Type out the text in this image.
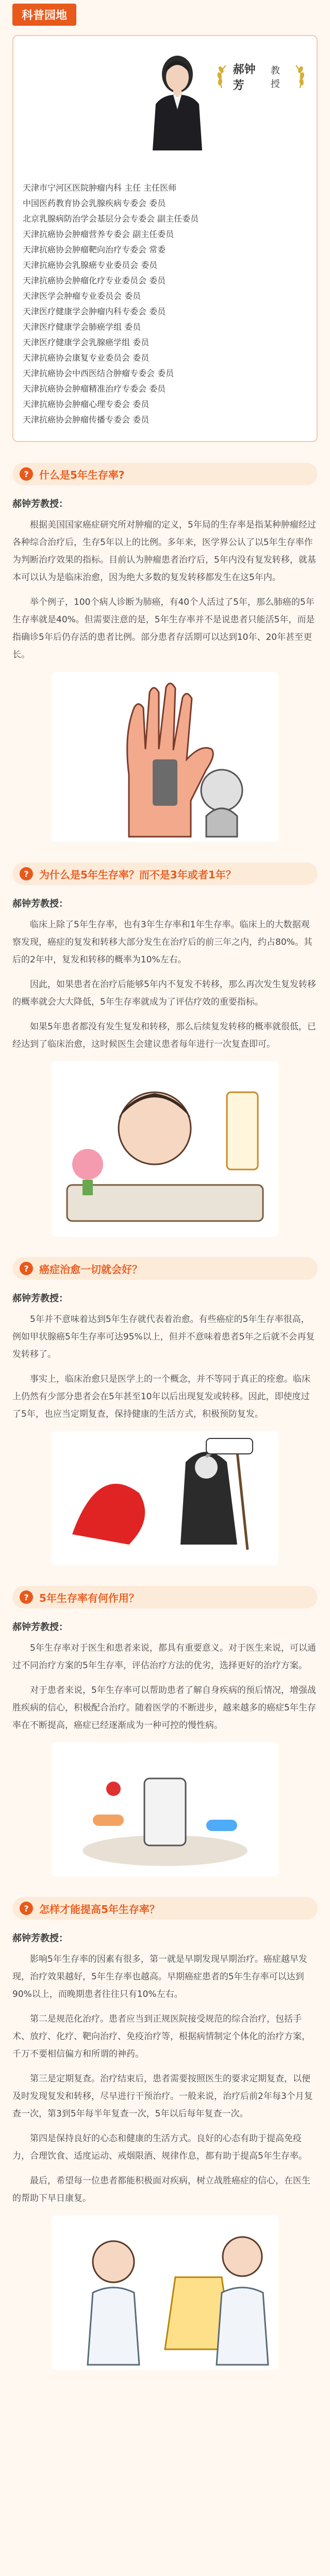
科普园地
郝钟芳
教授

天津市宁河区医院肿瘤内科 主任 主任医师

中国医药教育协会乳腺疾病专委会 委员

北京乳腺病防治学会基层分会专委会 副主任委员

天津抗癌协会肿瘤营养专委会 副主任委员

天津抗癌协会肿瘤靶向治疗专委会 常委

天津抗癌协会乳腺癌专业委员会 委员

天津抗癌协会肿瘤化疗专业委员会 委员

天津医学会肿瘤专业委员会 委员

天津医疗健康学会肿瘤内科专委会 委员

天津医疗健康学会肺癌学组 委员

天津医疗健康学会乳腺癌学组 委员

天津抗癌协会康复专业委员会 委员

天津抗癌协会中西医结合肿瘤专委会 委员

天津抗癌协会肿瘤精准治疗专委会 委员

天津抗癌协会肿瘤心理专委会 委员

天津抗癌协会肿瘤传播专委会 委员

?	什么是5年生存率?

郝钟芳教授：

根据美国国家癌症研究所对肿瘤的定义，5年局的生存率是指某种肿瘤经过各种综合治疗后，生存5年以上的比例。多年来，医学界公认了以5年生存率作为判断治疗效果的指标。目前认为肿瘤患者治疗后，5年内没有复发转移，就基本可以认为是临床治愈，因为绝大多数的复发转移都发生在这5年内。

举个例子，100个病人诊断为肺癌，有40个人活过了5年，那么肺癌的5年生存率就是40%。但需要注意的是，5年生存率并不是说患者只能活5年，而是指确诊5年后仍存活的患者比例。部分患者存活期可以达到10年、20年甚至更长。

?	为什么是5年生存率？而不是3年或者1年？

郝钟芳教授：

临床上除了5年生存率，也有3年生存率和1年生存率。临床上的大数据观察发现，癌症的复发和转移大部分发生在治疗后的前三年之内，约占80%。其后的2年中，复发和转移的概率为10%左右。

因此，如果患者在治疗后能够5年内不复发不转移，那么再次发生复发转移的概率就会大大降低，5年生存率就成为了评估疗效的重要指标。

如果5年患者都没有发生复发和转移，那么后续复发转移的概率就很低，已经达到了临床治愈，这时候医生会建议患者每年进行一次复查即可。

?	癌症治愈一切就会好？

郝钟芳教授：

5年并不意味着达到5年生存就代表着治愈。有些癌症的5年生存率很高，例如甲状腺癌5年生存率可达95%以上，但并不意味着患者5年之后就不会再复发转移了。

事实上，临床治愈只是医学上的一个概念，并不等同于真正的痊愈。临床上仍然有少部分患者会在5年甚至10年以后出现复发或转移。因此，即使度过了5年，也应当定期复查，保持健康的生活方式，积极预防复发。

?	5年生存率有何作用？

郝钟芳教授：

5年生存率对于医生和患者来说，都具有重要意义。对于医生来说，可以通过不同治疗方案的5年生存率，评估治疗方法的优劣，选择更好的治疗方案。

对于患者来说，5年生存率可以帮助患者了解自身疾病的预后情况，增强战胜疾病的信心，积极配合治疗。随着医学的不断进步，越来越多的癌症5年生存率在不断提高，癌症已经逐渐成为一种可控的慢性病。

?	怎样才能提高5年生存率？

郝钟芳教授：

影响5年生存率的因素有很多，第一就是早期发现早期治疗。癌症越早发现，治疗效果越好，5年生存率也越高。早期癌症患者的5年生存率可以达到90%以上，而晚期患者往往只有10%左右。

第二是规范化治疗。患者应当到正规医院接受规范的综合治疗，包括手术、放疗、化疗、靶向治疗、免疫治疗等，根据病情制定个体化的治疗方案，千万不要相信偏方和所谓的神药。

第三是定期复查。治疗结束后，患者需要按照医生的要求定期复查，以便及时发现复发和转移，尽早进行干预治疗。一般来说，治疗后前2年每3个月复查一次，第3到5年每半年复查一次，5年以后每年复查一次。

第四是保持良好的心态和健康的生活方式。良好的心态有助于提高免疫力，合理饮食、适度运动、戒烟限酒、规律作息，都有助于提高5年生存率。

最后，希望每一位患者都能积极面对疾病，树立战胜癌症的信心，在医生的帮助下早日康复。
